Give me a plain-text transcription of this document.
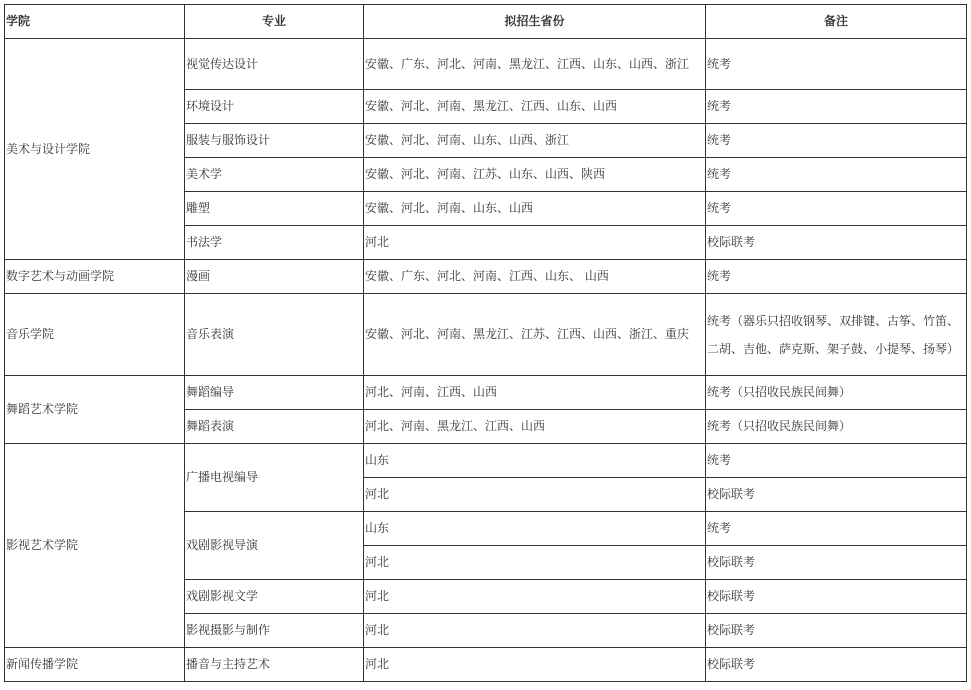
学院	专业	拟招生省份	备注
美术与设计学院	视觉传达设计	安徽、广东、河北、河南、黑龙江、江西、山东、山西、浙江	统考
	环境设计	安徽、河北、河南、黑龙江、江西、山东、山西	统考
	服装与服饰设计	安徽、河北、河南、山东、山西、浙江	统考
	美术学	安徽、河北、河南、江苏、山东、山西、陕西	统考
	雕塑	安徽、河北、河南、山东、山西	统考
	书法学	河北	校际联考
数字艺术与动画学院	漫画	安徽、广东、河北、河南、江西、山东、 山西	统考
音乐学院	音乐表演	安徽、河北、河南、黑龙江、江苏、江西、山西、浙江、重庆	统考（器乐只招收钢琴、双排键、古筝、竹笛、二胡、吉他、萨克斯、架子鼓、小提琴、扬琴）
舞蹈艺术学院	舞蹈编导	河北、河南、江西、山西	统考（只招收民族民间舞）
	舞蹈表演	河北、河南、黑龙江、江西、山西	统考（只招收民族民间舞）
影视艺术学院	广播电视编导	山东	统考
		河北	校际联考
	戏剧影视导演	山东	统考
		河北	校际联考
	戏剧影视文学	河北	校际联考
	影视摄影与制作	河北	校际联考
新闻传播学院	播音与主持艺术	河北	校际联考
